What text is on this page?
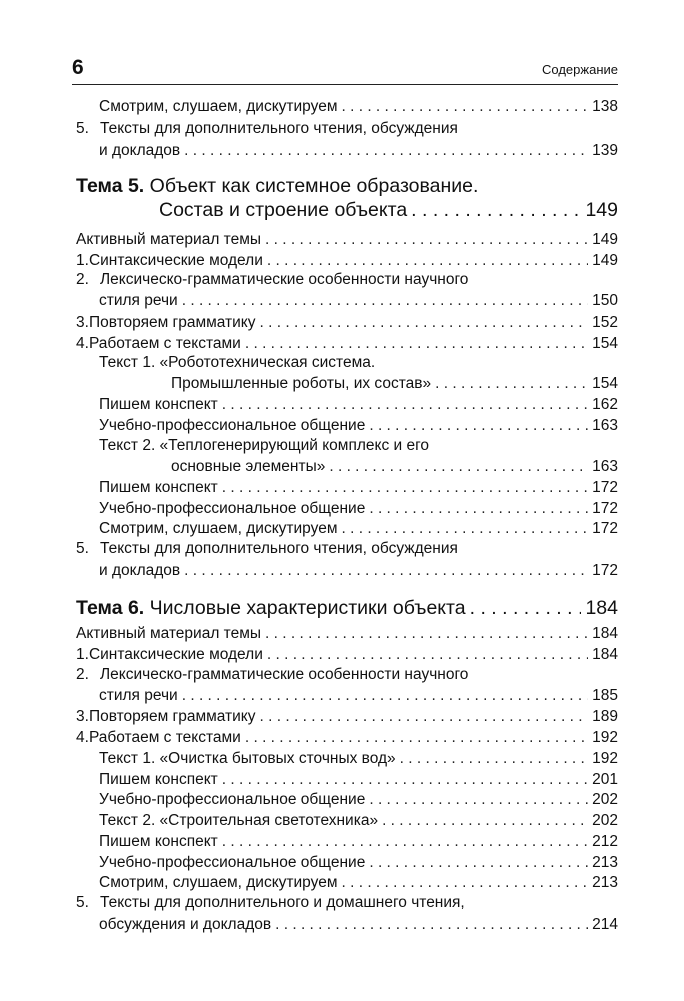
6	Содержание
Смотрим, слушаем, дискутируем . . .	138
5. Тексты для дополнительного чтения, обсуждения
и докладов . . .	139
Тема 5. Объект как системное образование.
Состав и строение объекта . . .	149
Активный материал темы . . .	149
1. Синтаксические модели . . .	149
2. Лексическо-грамматические особенности научного
стиля речи . . .	150
3. Повторяем грамматику . . .	152
4. Работаем с текстами . . .	154
Текст 1. «Робототехническая система.
Промышленные роботы, их состав» . . .	154
Пишем конспект . . .	162
Учебно-профессиональное общение . . .	163
Текст 2. «Теплогенерирующий комплекс и его
основные элементы» . . .	163
Пишем конспект . . .	172
Учебно-профессиональное общение . . .	172
Смотрим, слушаем, дискутируем . . .	172
5. Тексты для дополнительного чтения, обсуждения
и докладов . . .	172
Тема 6.
Числовые характеристики объекта . . .	184
Активный материал темы . . .	184
1. Синтаксические модели . . .	184
2. Лексическо-грамматические особенности научного
стиля речи . . .	185
3. Повторяем грамматику . . .	189
4. Работаем с текстами . . .	192
Текст 1. «Очистка бытовых сточных вод» . . .	192
Пишем конспект . . .	201
Учебно-профессиональное общение . . .	202
Текст 2. «Строительная светотехника» . . .	202
Пишем конспект . . .	212
Учебно-профессиональное общение . . .	213
Смотрим, слушаем, дискутируем . . .	213
5. Тексты для дополнительного и домашнего чтения,
обсуждения и докладов . . .	214
